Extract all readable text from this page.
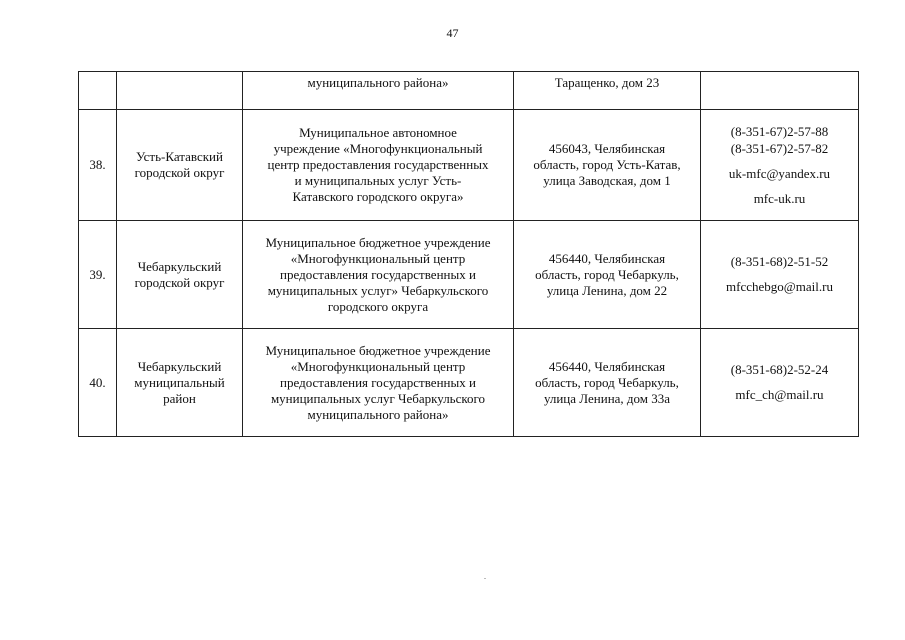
47

		муниципального района»	Таращенко, дом 23	

38.	Усть-Катавский
городской округ	Муниципальное автономное
учреждение «Многофункциональный
центр предоставления государственных
и муниципальных услуг Усть-
Катавского городского округа»	456043, Челябинская
область, город Усть-Катав,
улица Заводская, дом 1	(8-351-67)2-57-88
(8-351-67)2-57-82
uk-mfc@yandex.ru
mfc-uk.ru

39.	Чебаркульский
городской округ	Муниципальное бюджетное учреждение
«Многофункциональный центр
предоставления государственных и
муниципальных услуг» Чебаркульского
городского округа	456440, Челябинская
область, город Чебаркуль,
улица Ленина, дом 22	(8-351-68)2-51-52
mfcchebgo@mail.ru

40.	Чебаркульский
муниципальный
район	Муниципальное бюджетное учреждение
«Многофункциональный центр
предоставления государственных и
муниципальных услуг Чебаркульского
муниципального района»	456440, Челябинская
область, город Чебаркуль,
улица Ленина, дом 33а	(8-351-68)2-52-24
mfc_ch@mail.ru
